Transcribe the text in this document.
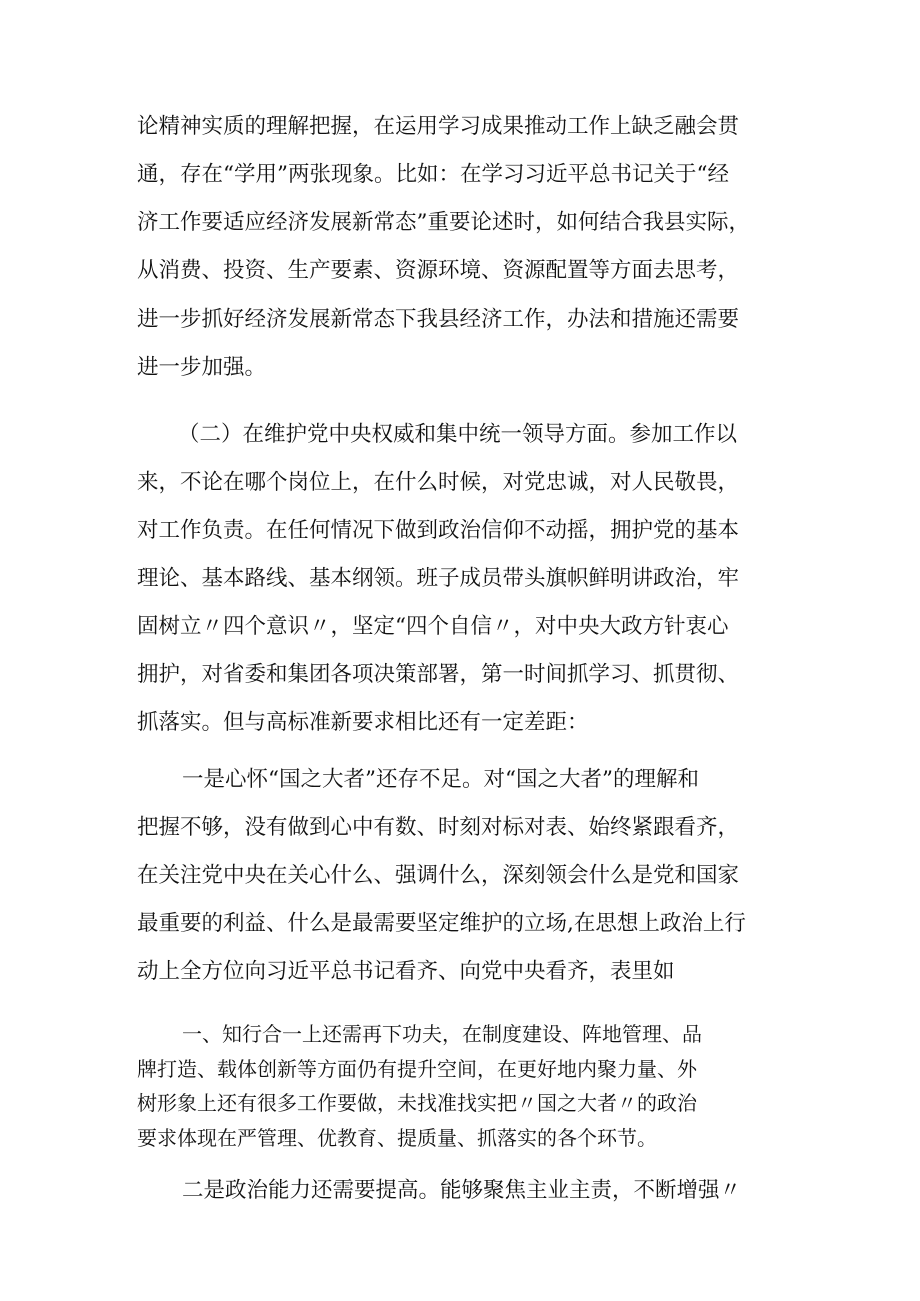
论精神实质的理解把握，在运用学习成果推动工作上缺乏融会贯
通，存在“学用”两张现象。比如：在学习习近平总书记关于“经
济工作要适应经济发展新常态”重要论述时，如何结合我县实际，
从消费、投资、生产要素、资源环境、资源配置等方面去思考，
进一步抓好经济发展新常态下我县经济工作，办法和措施还需要
进一步加强。
（二）在维护党中央权威和集中统一领导方面。参加工作以
来，不论在哪个岗位上，在什么时候，对党忠诚，对人民敬畏，
对工作负责。在任何情况下做到政治信仰不动摇，拥护党的基本
理论、基本路线、基本纲领。班子成员带头旗帜鲜明讲政治，牢
固树立〃四个意识〃，坚定“四个自信〃，对中央大政方针衷心
拥护，对省委和集团各项决策部署，第一时间抓学习、抓贯彻、
抓落实。但与高标准新要求相比还有一定差距：
一是心怀“国之大者”还存不足。对“国之大者”的理解和
把握不够，没有做到心中有数、时刻对标对表、始终紧跟看齐，
在关注党中央在关心什么、强调什么，深刻领会什么是党和国家
最重要的利益、什么是最需要坚定维护的立场,在思想上政治上行
动上全方位向习近平总书记看齐、向党中央看齐，表里如
一、知行合一上还需再下功夫，在制度建设、阵地管理、品
牌打造、载体创新等方面仍有提升空间，在更好地内聚力量、外
树形象上还有很多工作要做，未找准找实把〃国之大者〃的政治
要求体现在严管理、优教育、提质量、抓落实的各个环节。
二是政治能力还需要提高。能够聚焦主业主责，不断增强〃
